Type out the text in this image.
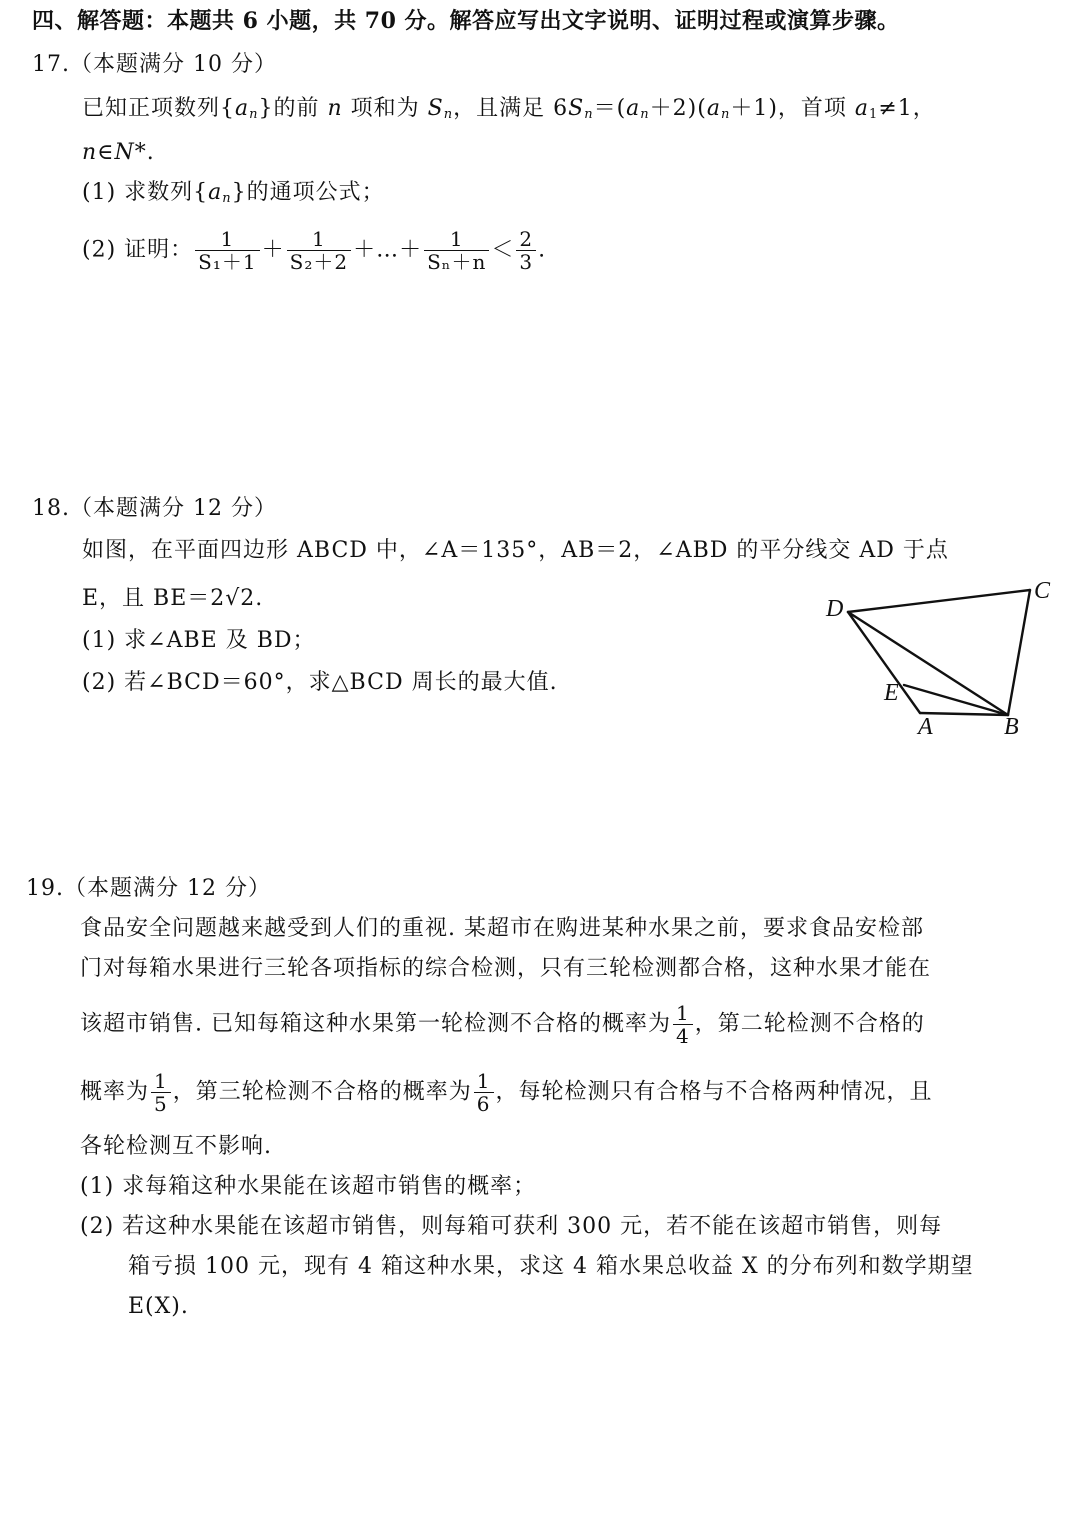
四、解答题：本题共 6 小题，共 70 分。解答应写出文字说明、证明过程或演算步骤。
17.（本题满分 10 分）
已知正项数列$\{a_n\}$的前 n 项和为 $S_n$，且满足 $6S_n=(a_n+2)(a_n+1)$，首项 $a_1\ne 1$，
n∈N*.
(1) 求数列$\{a_n\}$的通项公式；
(2) 证明： $\frac{1}{\text{S₁＋1}} + \frac{1}{\text{S₂＋2}}$ ＋…＋ $\frac{1}{\text{Sₙ＋n}} < \frac{2}{3}$ .
18.（本题满分 12 分）
如图，在平面四边形 ABCD 中，∠A＝135°，AB＝2，∠ABD 的平分线交 AD 于点
E，且 BE＝2√2.
(1) 求∠ABE 及 BD；
(2) 若∠BCD＝60°，求△BCD 周长的最大值.
D
C
E
A	B
19.（本题满分 12 分）
食品安全问题越来越受到人们的重视. 某超市在购进某种水果之前，要求食品安检部
门对每箱水果进行三轮各项指标的综合检测，只有三轮检测都合格，这种水果才能在
该超市销售. 已知每箱这种水果第一轮检测不合格的概率为 $\frac{1}{4}$ ，第二轮检测不合格的
概率为 $\frac{1}{5}$ ，第三轮检测不合格的概率为 $\frac{1}{6}$ ，每轮检测只有合格与不合格两种情况，且
各轮检测互不影响.
(1) 求每箱这种水果能在该超市销售的概率；
(2) 若这种水果能在该超市销售，则每箱可获利 300 元，若不能在该超市销售，则每
箱亏损 100 元，现有 4 箱这种水果，求这 4 箱水果总收益 X 的分布列和数学期望
E(X).
